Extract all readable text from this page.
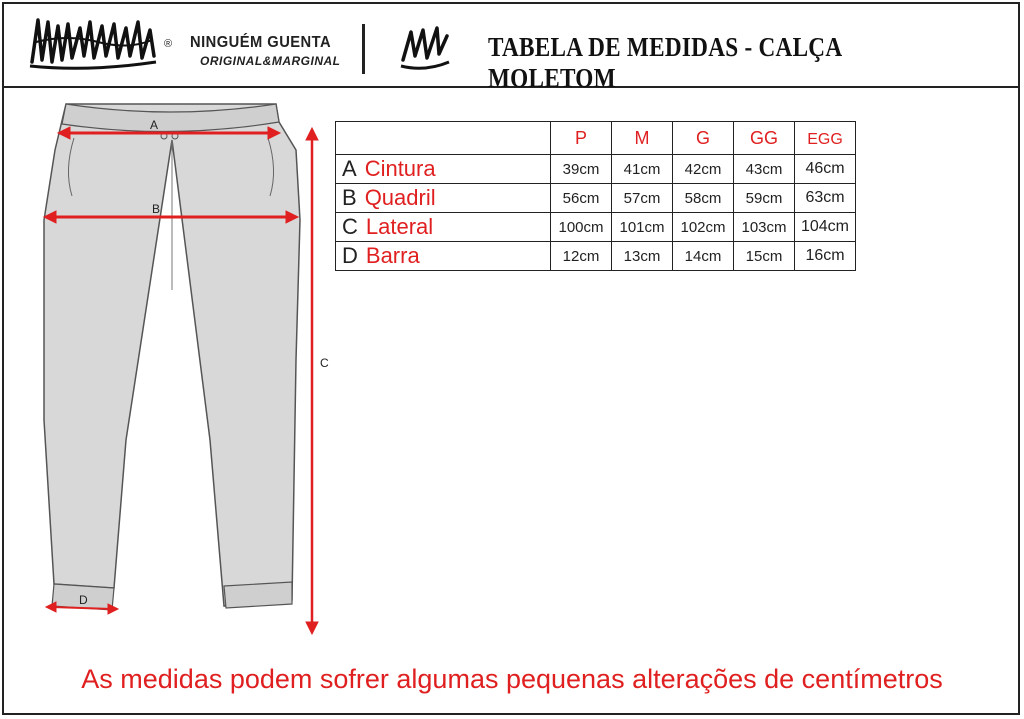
® NINGUÉM GUENTA
ORIGINAL&MARGINAL	TABELA DE MEDIDAS - CALÇA MOLETOM
A
B
C
D
	P	M	G	GG	EGG
A Cintura	39cm	41cm	42cm	43cm	46cm
B Quadril	56cm	57cm	58cm	59cm	63cm
C Lateral	100cm	101cm	102cm	103cm	104cm
D Barra	12cm	13cm	14cm	15cm	16cm
As medidas podem sofrer algumas pequenas alterações de centímetros
